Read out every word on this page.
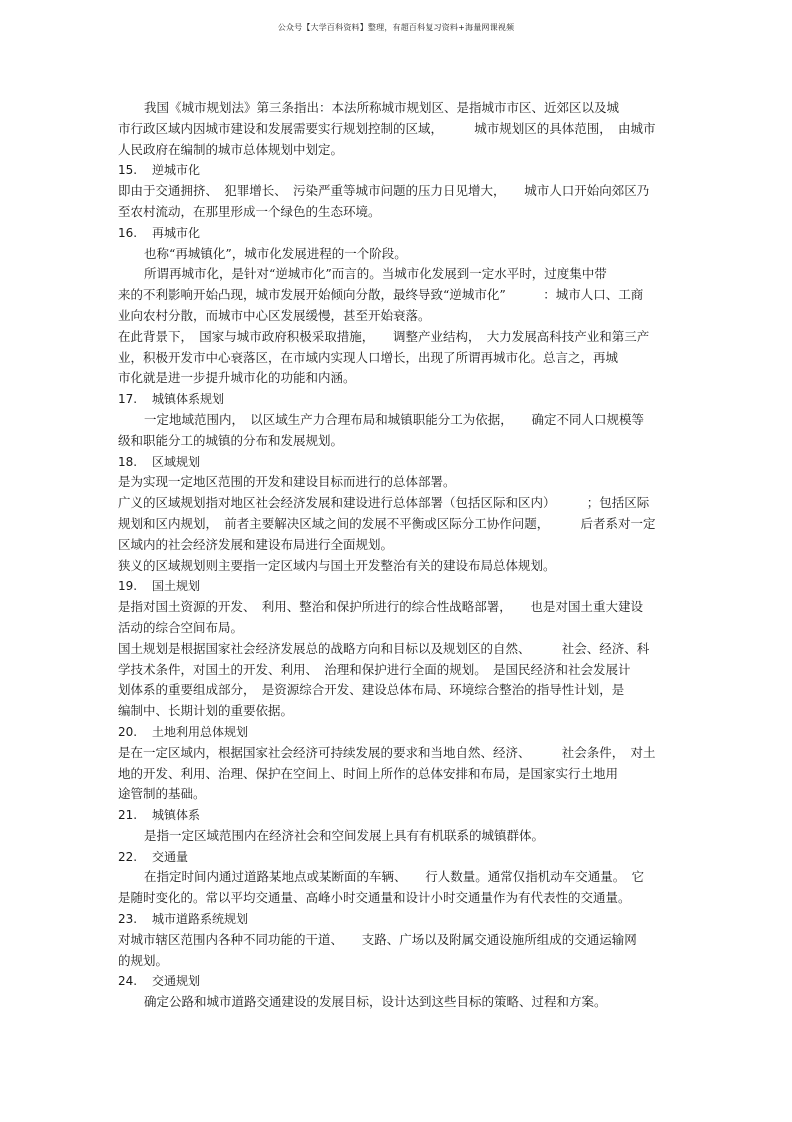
公众号【大学百科资料】整理，有超百科复习资料+海量网课视频
我国《城市规划法》第三条指出：本法所称城市规划区、是指城市市区、近郊区以及城
市行政区域内因城市建设和发展需要实行规划控制的区域，　　　城市规划区的具体范围，　由城市
人民政府在编制的城市总体规划中划定。
15. 逆城市化
即由于交通拥挤、　犯罪增长、　污染严重等城市问题的压力日见增大，　　城市人口开始向郊区乃
至农村流动，在那里形成一个绿色的生态环境。
16. 再城市化
也称“再城镇化”，城市化发展进程的一个阶段。
所谓再城市化，是针对“逆城市化”而言的。当城市化发展到一定水平时，过度集中带
来的不利影响开始凸现，城市发展开始倾向分散，最终导致“逆城市化”　　　：城市人口、工商
业向农村分散，而城市中心区发展缓慢，甚至开始衰落。
在此背景下，　国家与城市政府积极采取措施，　　调整产业结构，　大力发展高科技产业和第三产
业，积极开发市中心衰落区，在市域内实现人口增长，出现了所谓再城市化。总言之，再城
市化就是进一步提升城市化的功能和内涵。
17. 城镇体系规划
一定地域范围内，　以区域生产力合理布局和城镇职能分工为依据，　　确定不同人口规模等
级和职能分工的城镇的分布和发展规划。
18. 区域规划
是为实现一定地区范围的开发和建设目标而进行的总体部署。
广义的区域规划指对地区社会经济发展和建设进行总体部署（包括区际和区内）　　　；包括区际
规划和区内规划，　前者主要解决区域之间的发展不平衡或区际分工协作问题，　　　后者系对一定
区域内的社会经济发展和建设布局进行全面规划。
狭义的区域规划则主要指一定区域内与国土开发整治有关的建设布局总体规划。
19. 国土规划
是指对国土资源的开发、　利用、整治和保护所进行的综合性战略部署，　　也是对国土重大建设
活动的综合空间布局。
国土规划是根据国家社会经济发展总的战略方向和目标以及规划区的自然、　　　社会、经济、科
学技术条件，对国土的开发、利用、　治理和保护进行全面的规划。　是国民经济和社会发展计
划体系的重要组成部分，　是资源综合开发、建设总体布局、环境综合整治的指导性计划，是
编制中、长期计划的重要依据。
20. 土地利用总体规划
是在一定区域内，根据国家社会经济可持续发展的要求和当地自然、经济、　　　社会条件，　对土
地的开发、利用、治理、保护在空间上、时间上所作的总体安排和布局，是国家实行土地用
途管制的基础。
21. 城镇体系
是指一定区域范围内在经济社会和空间发展上具有有机联系的城镇群体。
22. 交通量
在指定时间内通过道路某地点或某断面的车辆、　　行人数量。通常仅指机动车交通量。　它
是随时变化的。常以平均交通量、高峰小时交通量和设计小时交通量作为有代表性的交通量。
23. 城市道路系统规划
对城市辖区范围内各种不同功能的干道、　　支路、广场以及附属交通设施所组成的交通运输网
的规划。
24. 交通规划
确定公路和城市道路交通建设的发展目标，设计达到这些目标的策略、过程和方案。
